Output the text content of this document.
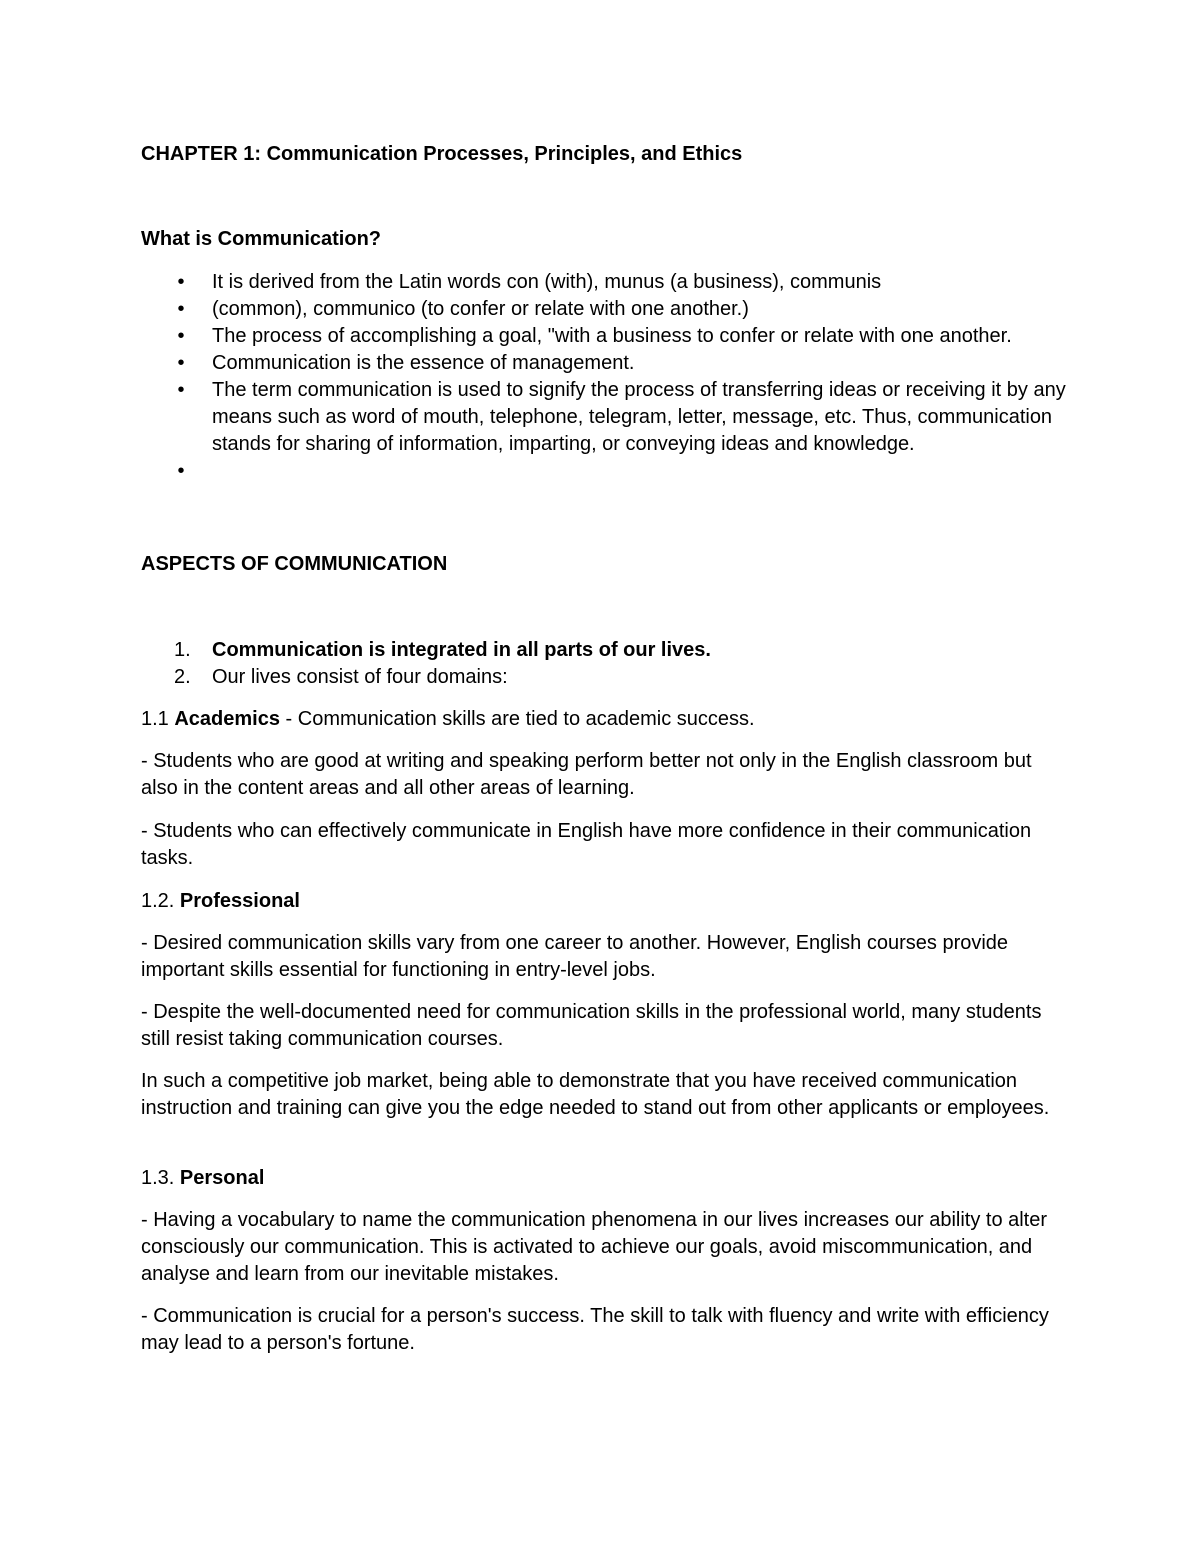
CHAPTER 1: Communication Processes, Principles, and Ethics

What is Communication?

• It is derived from the Latin words con (with), munus (a business), communis
• (common), communico (to confer or relate with one another.)
• The process of accomplishing a goal, "with a business to confer or relate with one another.
• Communication is the essence of management.
• The term communication is used to signify the process of transferring ideas or receiving it by any means such as word of mouth, telephone, telegram, letter, message, etc. Thus, communication stands for sharing of information, imparting, or conveying ideas and knowledge.
•

ASPECTS OF COMMUNICATION

1.	Communication is integrated in all parts of our lives.
2.	Our lives consist of four domains:

1.1 Academics - Communication skills are tied to academic success.

- Students who are good at writing and speaking perform better not only in the English classroom but also in the content areas and all other areas of learning.

- Students who can effectively communicate in English have more confidence in their communication tasks.

1.2. Professional

- Desired communication skills vary from one career to another. However, English courses provide important skills essential for functioning in entry-level jobs.

- Despite the well-documented need for communication skills in the professional world, many students still resist taking communication courses.

In such a competitive job market, being able to demonstrate that you have received communication instruction and training can give you the edge needed to stand out from other applicants or employees.

1.3. Personal

- Having a vocabulary to name the communication phenomena in our lives increases our ability to alter consciously our communication. This is activated to achieve our goals, avoid miscommunication, and analyse and learn from our inevitable mistakes.

- Communication is crucial for a person's success. The skill to talk with fluency and write with efficiency may lead to a person's fortune.
